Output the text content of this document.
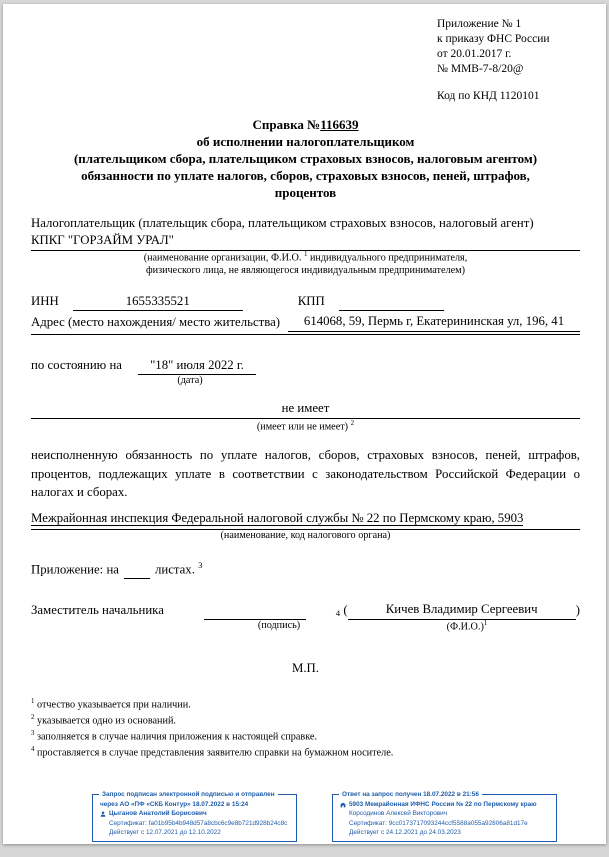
Приложение № 1
к приказу ФНС России
от 20.01.2017 г.
№ ММВ-7-8/20@
Код по КНД 1120101
Справка №116639
об исполнении налогоплательщиком
(плательщиком сбора, плательщиком страховых взносов, налоговым агентом)
обязанности по уплате налогов, сборов, страховых взносов, пеней, штрафов,
процентов
Налогоплательщик (плательщик сбора, плательщиком страховых взносов, налоговый агент)
КПКГ "ГОРЗАЙМ УРАЛ"
(наименование организации, Ф.И.О. $^1$ индивидуального предпринимателя,
физического лица, не являющегося индивидуальным предпринимателем)
ИНН	1655335521	КПП
Адрес (место нахождения/ место жительства)	614068, 59, Пермь г, Екатерининская ул, 196, 41
по состоянию на "18" июля 2022 г.
(дата)
не имеет
(имеет или не имеет) $^2$
неисполненную обязанность по уплате налогов, сборов, страховых взносов, пеней, штрафов, процентов, подлежащих уплате в соответствии с законодательством Российской Федерации о налогах и сборах.
Межрайонная инспекция Федеральной налоговой службы № 22 по Пермскому краю, 5903
(наименование, код налогового органа)
Приложение: на	листах. $^3$
Заместитель начальника
	$_4$
(	Кичев Владимир Сергеевич	)
(подпись)	$(Ф.И.О.)^1$
М.П.
$^1$ отчество указывается при наличии.
$^2$ указывается одно из оснований.
$^3$ заполняется в случае наличия приложения к настоящей справке.
$^4$ проставляется в случае представления заявителю справки на бумажном носителе.
Запрос подписан электронной подписью и отправлен
через АО «ПФ «СКБ Контур» 18.07.2022 в 15:24
Цыганов Анатолий Борисович
Сертификат: fa01b95b4b948d57a8cbc6c9e8b721d928b24c8c
Действует с 12.07.2021 до 12.10.2022
Ответ на запрос получен 18.07.2022 в 21:56
5903 Межрайонная ИФНС России № 22 по Пермскому краю
Корсодинов Алексей Викторович
Сертификат: 9cc0173717093244ccf5588a055a92806a81d17e
Действует с 24.12.2021 до 24.03.2023
